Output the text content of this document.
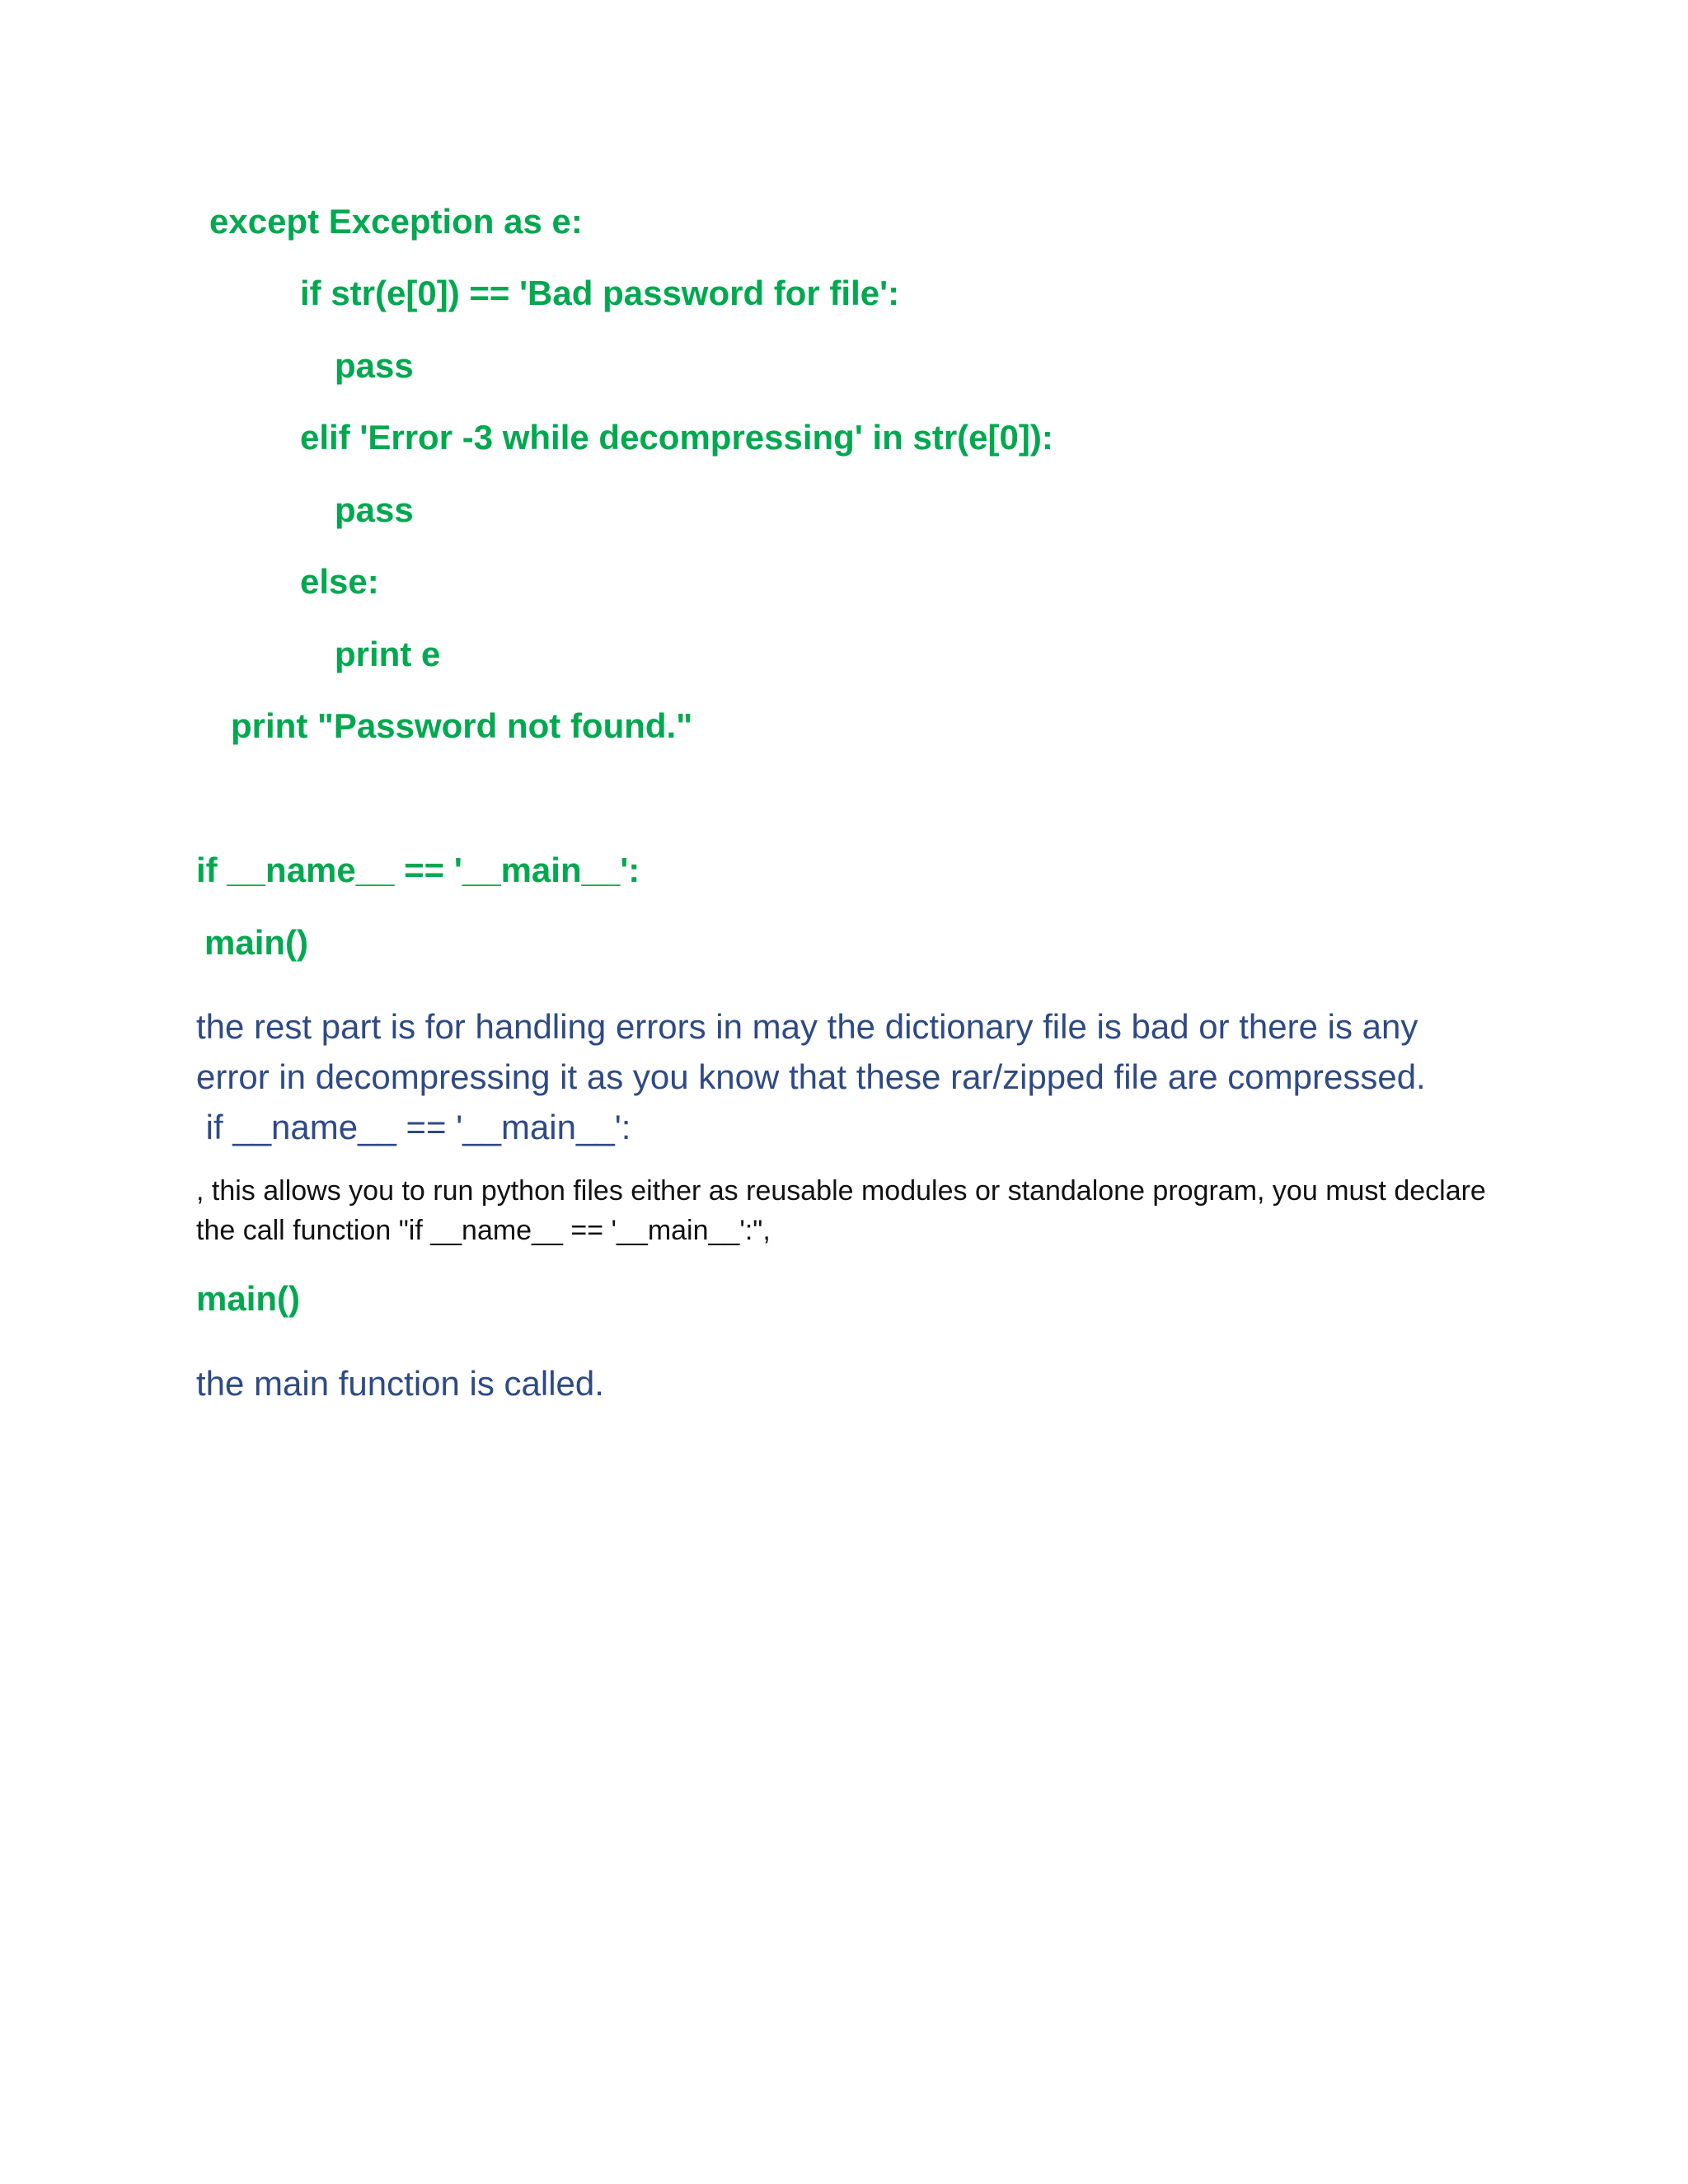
except Exception as e:
if str(e[0]) == 'Bad password for file':
pass
elif 'Error -3 while decompressing' in str(e[0]):
pass
else:
print e
print "Password not found."
if __name__ == '__main__':
main()
the rest part is for handling errors in may the dictionary file is bad or there is any
error in decompressing it as you know that these rar/zipped file are compressed.
if __name__ == '__main__':
, this allows you to run python files either as reusable modules or standalone program, you must declare
the call function "if __name__ == '__main__':",
main()
the main function is called.
